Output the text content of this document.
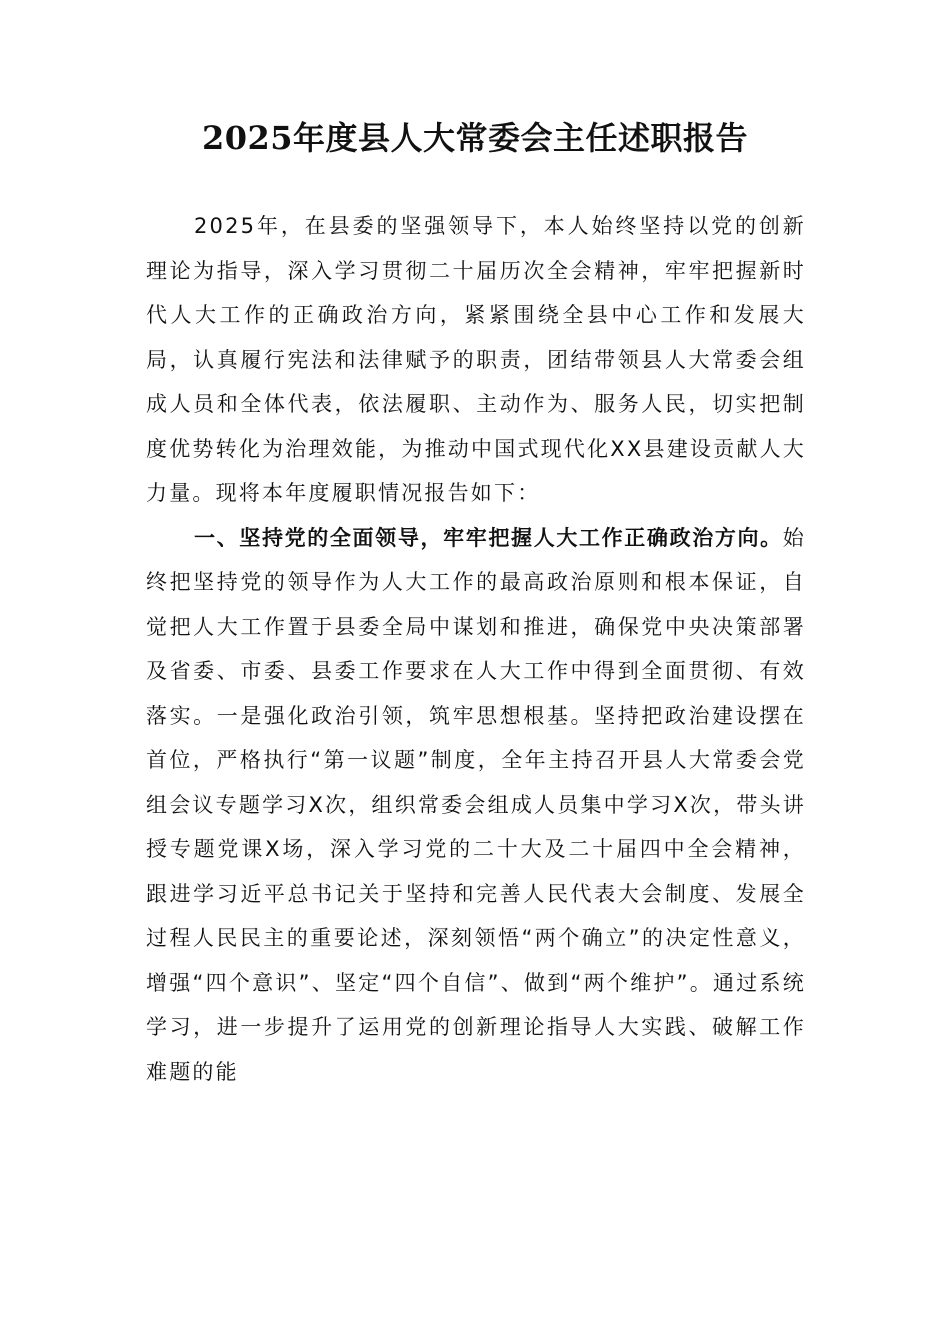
2025年度县人大常委会主任述职报告

2025年，在县委的坚强领导下，本人始终坚持以党的创新理论为指导，深入学习贯彻二十届历次全会精神，牢牢把握新时代人大工作的正确政治方向，紧紧围绕全县中心工作和发展大局，认真履行宪法和法律赋予的职责，团结带领县人大常委会组成人员和全体代表，依法履职、主动作为、服务人民，切实把制度优势转化为治理效能，为推动中国式现代化XX县建设贡献人大力量。现将本年度履职情况报告如下：

一、坚持党的全面领导，牢牢把握人大工作正确政治方向。始终把坚持党的领导作为人大工作的最高政治原则和根本保证，自觉把人大工作置于县委全局中谋划和推进，确保党中央决策部署及省委、市委、县委工作要求在人大工作中得到全面贯彻、有效落实。一是强化政治引领，筑牢思想根基。坚持把政治建设摆在首位，严格执行“第一议题”制度，全年主持召开县人大常委会党组会议专题学习X次，组织常委会组成人员集中学习X次，带头讲授专题党课X场，深入学习党的二十大及二十届四中全会精神，跟进学习近平总书记关于坚持和完善人民代表大会制度、发展全过程人民民主的重要论述，深刻领悟“两个确立”的决定性意义，增强“四个意识”、坚定“四个自信”、做到“两个维护”。通过系统学习，进一步提升了运用党的创新理论指导人大实践、破解工作难题的能
